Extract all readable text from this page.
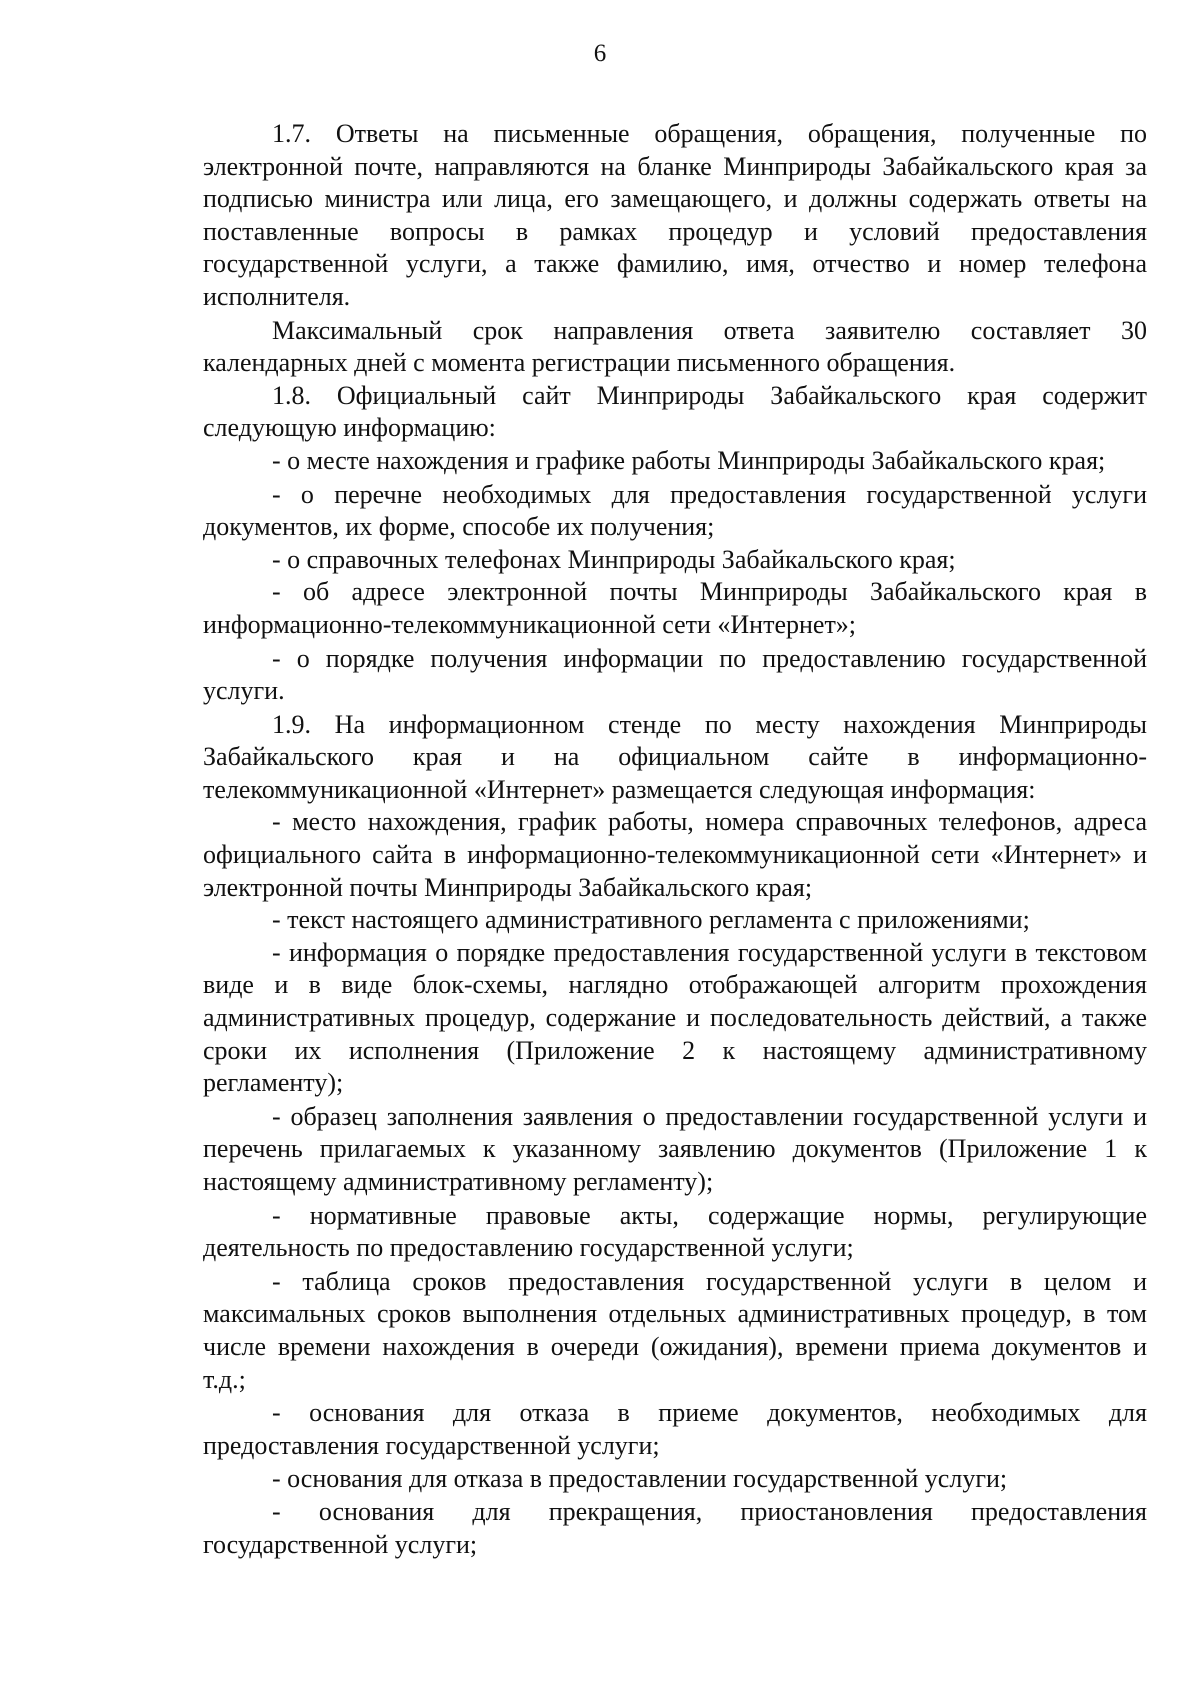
6

1.7. Ответы на письменные обращения, обращения, полученные по электронной почте, направляются на бланке Минприроды Забайкальского края за подписью министра или лица, его замещающего, и должны содержать ответы на поставленные вопросы в рамках процедур и условий предоставления государственной услуги, а также фамилию, имя, отчество и номер телефона исполнителя.

Максимальный срок направления ответа заявителю составляет 30 календарных дней с момента регистрации письменного обращения.

1.8. Официальный сайт Минприроды Забайкальского края содержит следующую информацию:

- о месте нахождения и графике работы Минприроды Забайкальского края;

- о перечне необходимых для предоставления государственной услуги документов, их форме, способе их получения;

- о справочных телефонах Минприроды Забайкальского края;

- об адресе электронной почты Минприроды Забайкальского края в информационно-телекоммуникационной сети «Интернет»;

- о порядке получения информации по предоставлению государственной услуги.

1.9. На информационном стенде по месту нахождения Минприроды Забайкальского края и на официальном сайте в информационно-телекоммуникационной «Интернет» размещается следующая информация:

- место нахождения, график работы, номера справочных телефонов, адреса официального сайта в информационно-телекоммуникационной сети «Интернет» и электронной почты Минприроды Забайкальского края;

- текст настоящего административного регламента с приложениями;

- информация о порядке предоставления государственной услуги в текстовом виде и в виде блок-схемы, наглядно отображающей алгоритм прохождения административных процедур, содержание и последовательность действий, а также сроки их исполнения (Приложение 2 к настоящему административному регламенту);

- образец заполнения заявления о предоставлении государственной услуги и перечень прилагаемых к указанному заявлению документов (Приложение 1 к настоящему административному регламенту);

- нормативные правовые акты, содержащие нормы, регулирующие деятельность по предоставлению государственной услуги;

- таблица сроков предоставления государственной услуги в целом и максимальных сроков выполнения отдельных административных процедур, в том числе времени нахождения в очереди (ожидания), времени приема документов и т.д.;

- основания для отказа в приеме документов, необходимых для предоставления государственной услуги;

- основания для отказа в предоставлении государственной услуги;

- основания для прекращения, приостановления предоставления государственной услуги;
